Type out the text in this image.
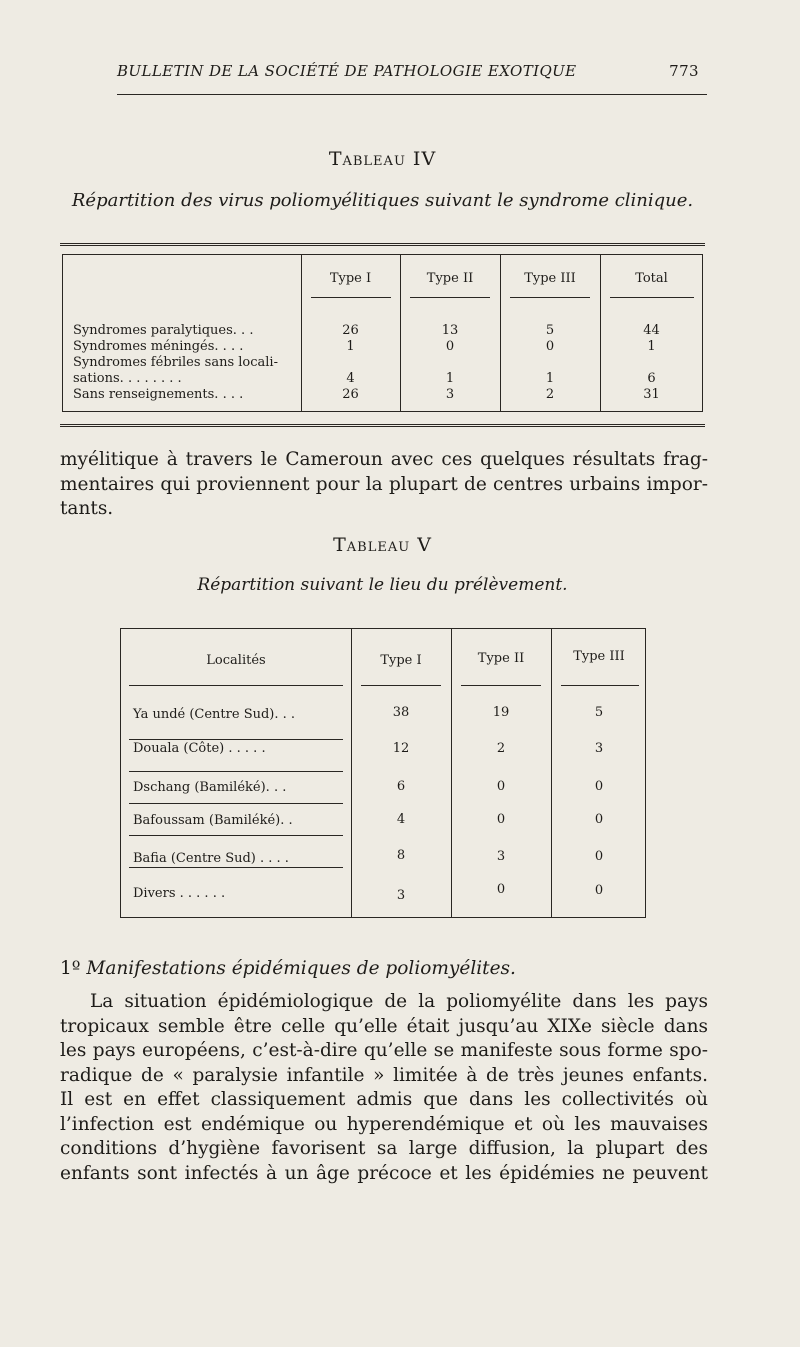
BULLETIN DE LA SOCIÉTÉ DE PATHOLOGIE EXOTIQUE	773
Tableau IV
Répartition des virus poliomyélitiques suivant le syndrome clinique.
Type I	Type II	Type III	Total
Syndromes paralytiques. . .	26	13	5	44
Syndromes méningés. . . .	1	0	0	1
Syndromes fébriles sans locali-
sations. . . . . . . .	4	1	1	6
Sans renseignements. . . .	26	3	2	31
myélitique à travers le Cameroun avec ces quelques résultats frag-
mentaires qui proviennent pour la plupart de centres urbains impor-
tants.
Tableau V
Répartition suivant le lieu du prélèvement.
Localités	Type I	Type II	Type III
Ya undé (Centre Sud). . .	38	19	5
Douala (Côte) . . . . .	12	2	3
Dschang (Bamiléké). . .	6	0	0
Bafoussam (Bamiléké). .	4	0	0
Bafia (Centre Sud) . . . .	8	3	0
Divers . . . . . .	3	0	0
1º Manifestations épidémiques de poliomyélites.
La situation épidémiologique de la poliomyélite dans les pays
tropicaux semble être celle qu’elle était jusqu’au XIXe siècle dans
les pays européens, c’est-à-dire qu’elle se manifeste sous forme spo-
radique de « paralysie infantile » limitée à de très jeunes enfants.
Il est en effet classiquement admis que dans les collectivités où
l’infection est endémique ou hyperendémique et où les mauvaises
conditions d’hygiène favorisent sa large diffusion, la plupart des
enfants sont infectés à un âge précoce et les épidémies ne peuvent
